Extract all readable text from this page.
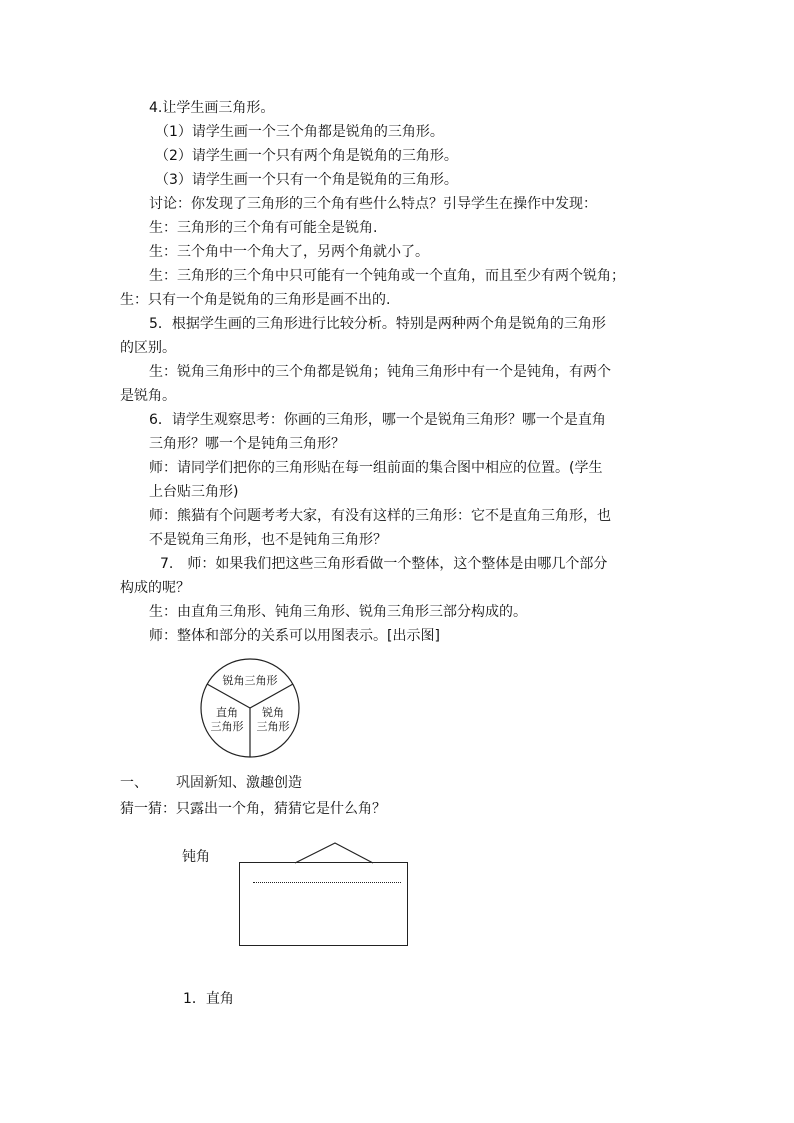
4.让学生画三角形。
（1）请学生画一个三个角都是锐角的三角形。
（2）请学生画一个只有两个角是锐角的三角形。
（3）请学生画一个只有一个角是锐角的三角形。
讨论：你发现了三角形的三个角有些什么特点？引导学生在操作中发现：
生：三角形的三个角有可能全是锐角.
生：三个角中一个角大了，另两个角就小了。
生：三角形的三个角中只可能有一个钝角或一个直角，而且至少有两个锐角；
生：只有一个角是锐角的三角形是画不出的.
5．根据学生画的三角形进行比较分析。特别是两种两个角是锐角的三角形
的区别。
生：锐角三角形中的三个角都是锐角；钝角三角形中有一个是钝角，有两个
是锐角。
6．请学生观察思考：你画的三角形，哪一个是锐角三角形？哪一个是直角
三角形？哪一个是钝角三角形？
师：请同学们把你的三角形贴在每一组前面的集合图中相应的位置。(学生
上台贴三角形)
师：熊猫有个问题考考大家，有没有这样的三角形：它不是直角三角形，也
不是锐角三角形，也不是钝角三角形？
7.　师：如果我们把这些三角形看做一个整体，这个整体是由哪几个部分
构成的呢？
生：由直角三角形、钝角三角形、锐角三角形三部分构成的。
师：整体和部分的关系可以用图表示。[出示图]
锐角三角形
直角
三角形
锐角
三角形
一、 巩固新知、激趣创造
猜一猜：只露出一个角，猜猜它是什么角？
钝角
1．直角
